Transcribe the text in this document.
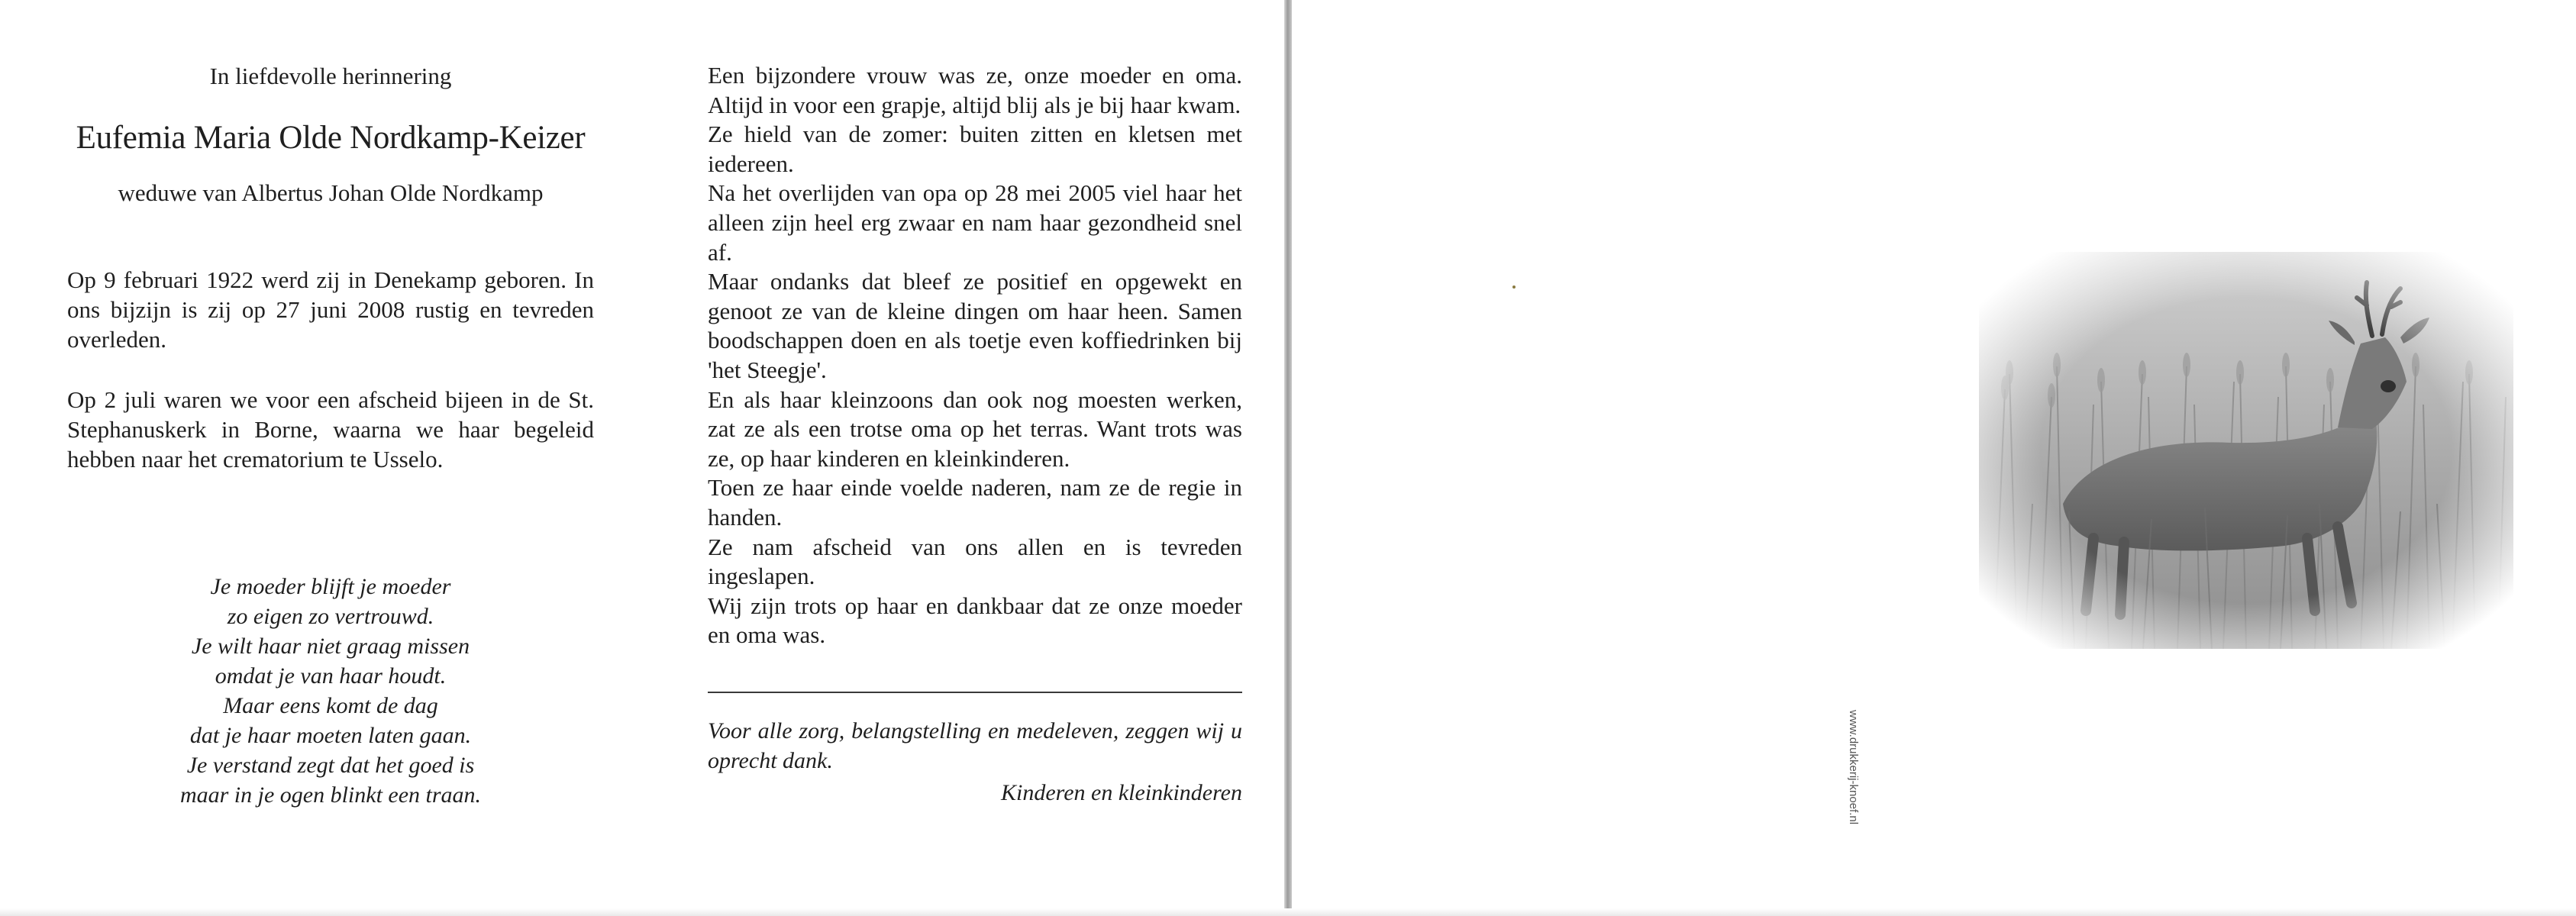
In liefdevolle herinnering
Eufemia Maria Olde Nordkamp-Keizer
weduwe van Albertus Johan Olde Nordkamp
Op 9 februari 1922 werd zij in Denekamp geboren. In ons bijzijn is zij op 27 juni 2008 rustig en tevreden overleden.
Op 2 juli waren we voor een afscheid bijeen in de St. Stephanuskerk in Borne, waarna we haar begeleid hebben naar het crematorium te Usselo.
Je moeder blijft je moeder
zo eigen zo vertrouwd.
Je wilt haar niet graag missen
omdat je van haar houdt.
Maar eens komt de dag
dat je haar moeten laten gaan.
Je verstand zegt dat het goed is
maar in je ogen blinkt een traan.
Een bijzondere vrouw was ze, onze moeder en oma. Altijd in voor een grapje, altijd blij als je bij haar kwam.
Ze hield van de zomer: buiten zitten en kletsen met iedereen.
Na het overlijden van opa op 28 mei 2005 viel haar het alleen zijn heel erg zwaar en nam haar gezondheid snel af.
Maar ondanks dat bleef ze positief en opgewekt en genoot ze van de kleine dingen om haar heen. Samen boodschappen doen en als toetje even koffiedrinken bij 'het Steegje'.
En als haar kleinzoons dan ook nog moesten werken, zat ze als een trotse oma op het terras. Want trots was ze, op haar kinderen en kleinkinderen.
Toen ze haar einde voelde naderen, nam ze de regie in handen.
Ze nam afscheid van ons allen en is tevreden ingeslapen.
Wij zijn trots op haar en dankbaar dat ze onze moeder en oma was.
Voor alle zorg, belangstelling en medeleven, zeggen wij u oprecht dank.
Kinderen en kleinkinderen	www.drukkerij-knoef.nl
